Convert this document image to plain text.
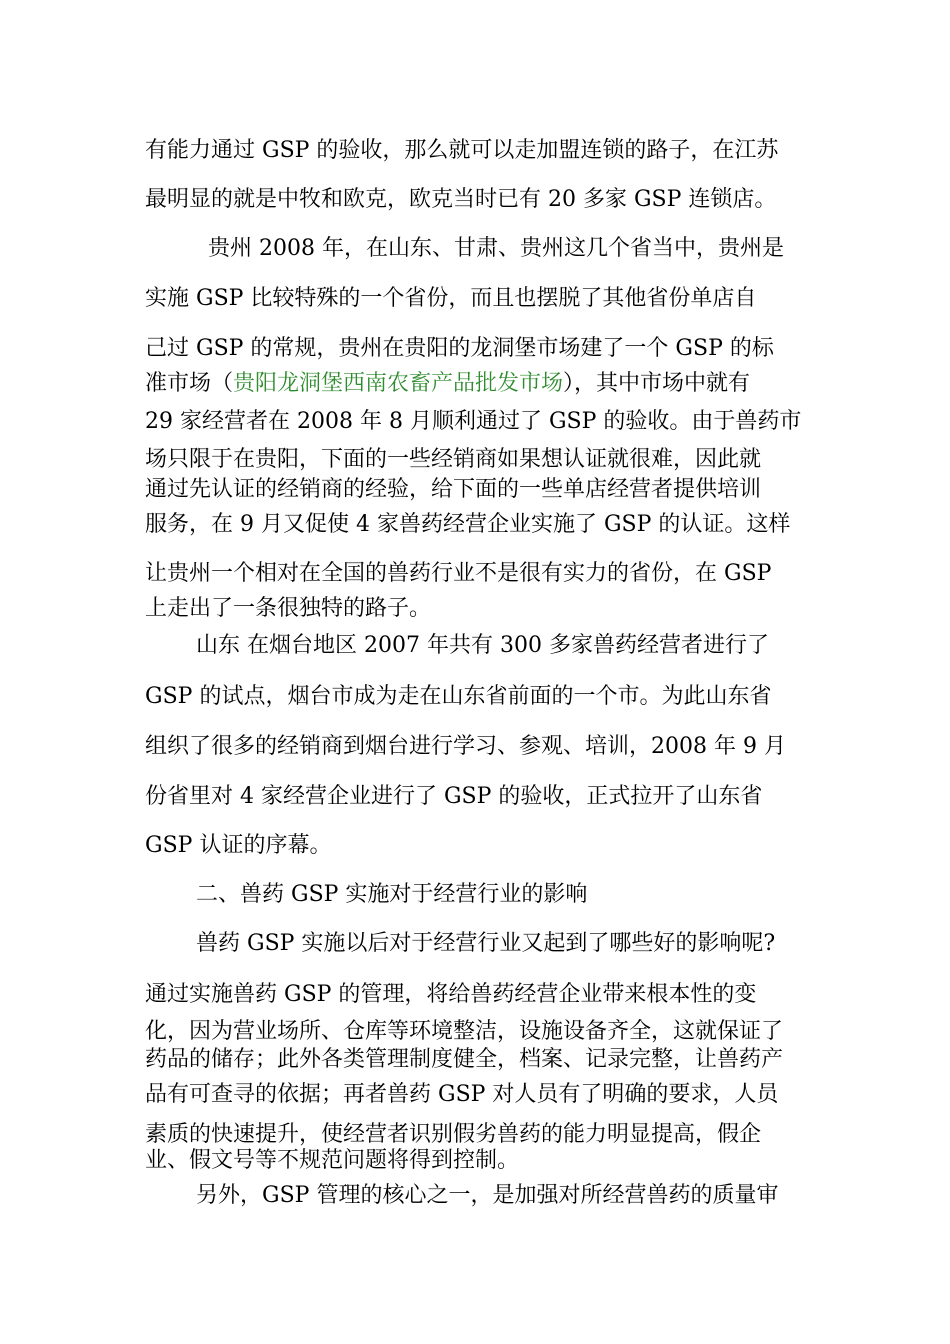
有能力通过 GSP 的验收，那么就可以走加盟连锁的路子，在江苏
最明显的就是中牧和欧克，欧克当时已有 20 多家 GSP 连锁店。
贵州 2008 年，在山东、甘肃、贵州这几个省当中，贵州是
实施 GSP 比较特殊的一个省份，而且也摆脱了其他省份单店自
己过 GSP 的常规，贵州在贵阳的龙洞堡市场建了一个 GSP 的标
准市场（贵阳龙洞堡西南农畜产品批发市场），其中市场中就有
29 家经营者在 2008 年 8 月顺利通过了 GSP 的验收。由于兽药市
场只限于在贵阳，下面的一些经销商如果想认证就很难，因此就
通过先认证的经销商的经验，给下面的一些单店经营者提供培训
服务，在 9 月又促使 4 家兽药经营企业实施了 GSP 的认证。这样
让贵州一个相对在全国的兽药行业不是很有实力的省份，在 GSP
上走出了一条很独特的路子。
山东 在烟台地区 2007 年共有 300 多家兽药经营者进行了
GSP 的试点，烟台市成为走在山东省前面的一个市。为此山东省
组织了很多的经销商到烟台进行学习、参观、培训，2008 年 9 月
份省里对 4 家经营企业进行了 GSP 的验收，正式拉开了山东省
GSP 认证的序幕。
二、兽药 GSP 实施对于经营行业的影响
兽药 GSP 实施以后对于经营行业又起到了哪些好的影响呢?
通过实施兽药 GSP 的管理，将给兽药经营企业带来根本性的变
化，因为营业场所、仓库等环境整洁，设施设备齐全，这就保证了
药品的储存；此外各类管理制度健全，档案、记录完整，让兽药产
品有可查寻的依据；再者兽药 GSP 对人员有了明确的要求，人员
素质的快速提升，使经营者识别假劣兽药的能力明显提高，假企
业、假文号等不规范问题将得到控制。
另外，GSP 管理的核心之一，是加强对所经营兽药的质量审
